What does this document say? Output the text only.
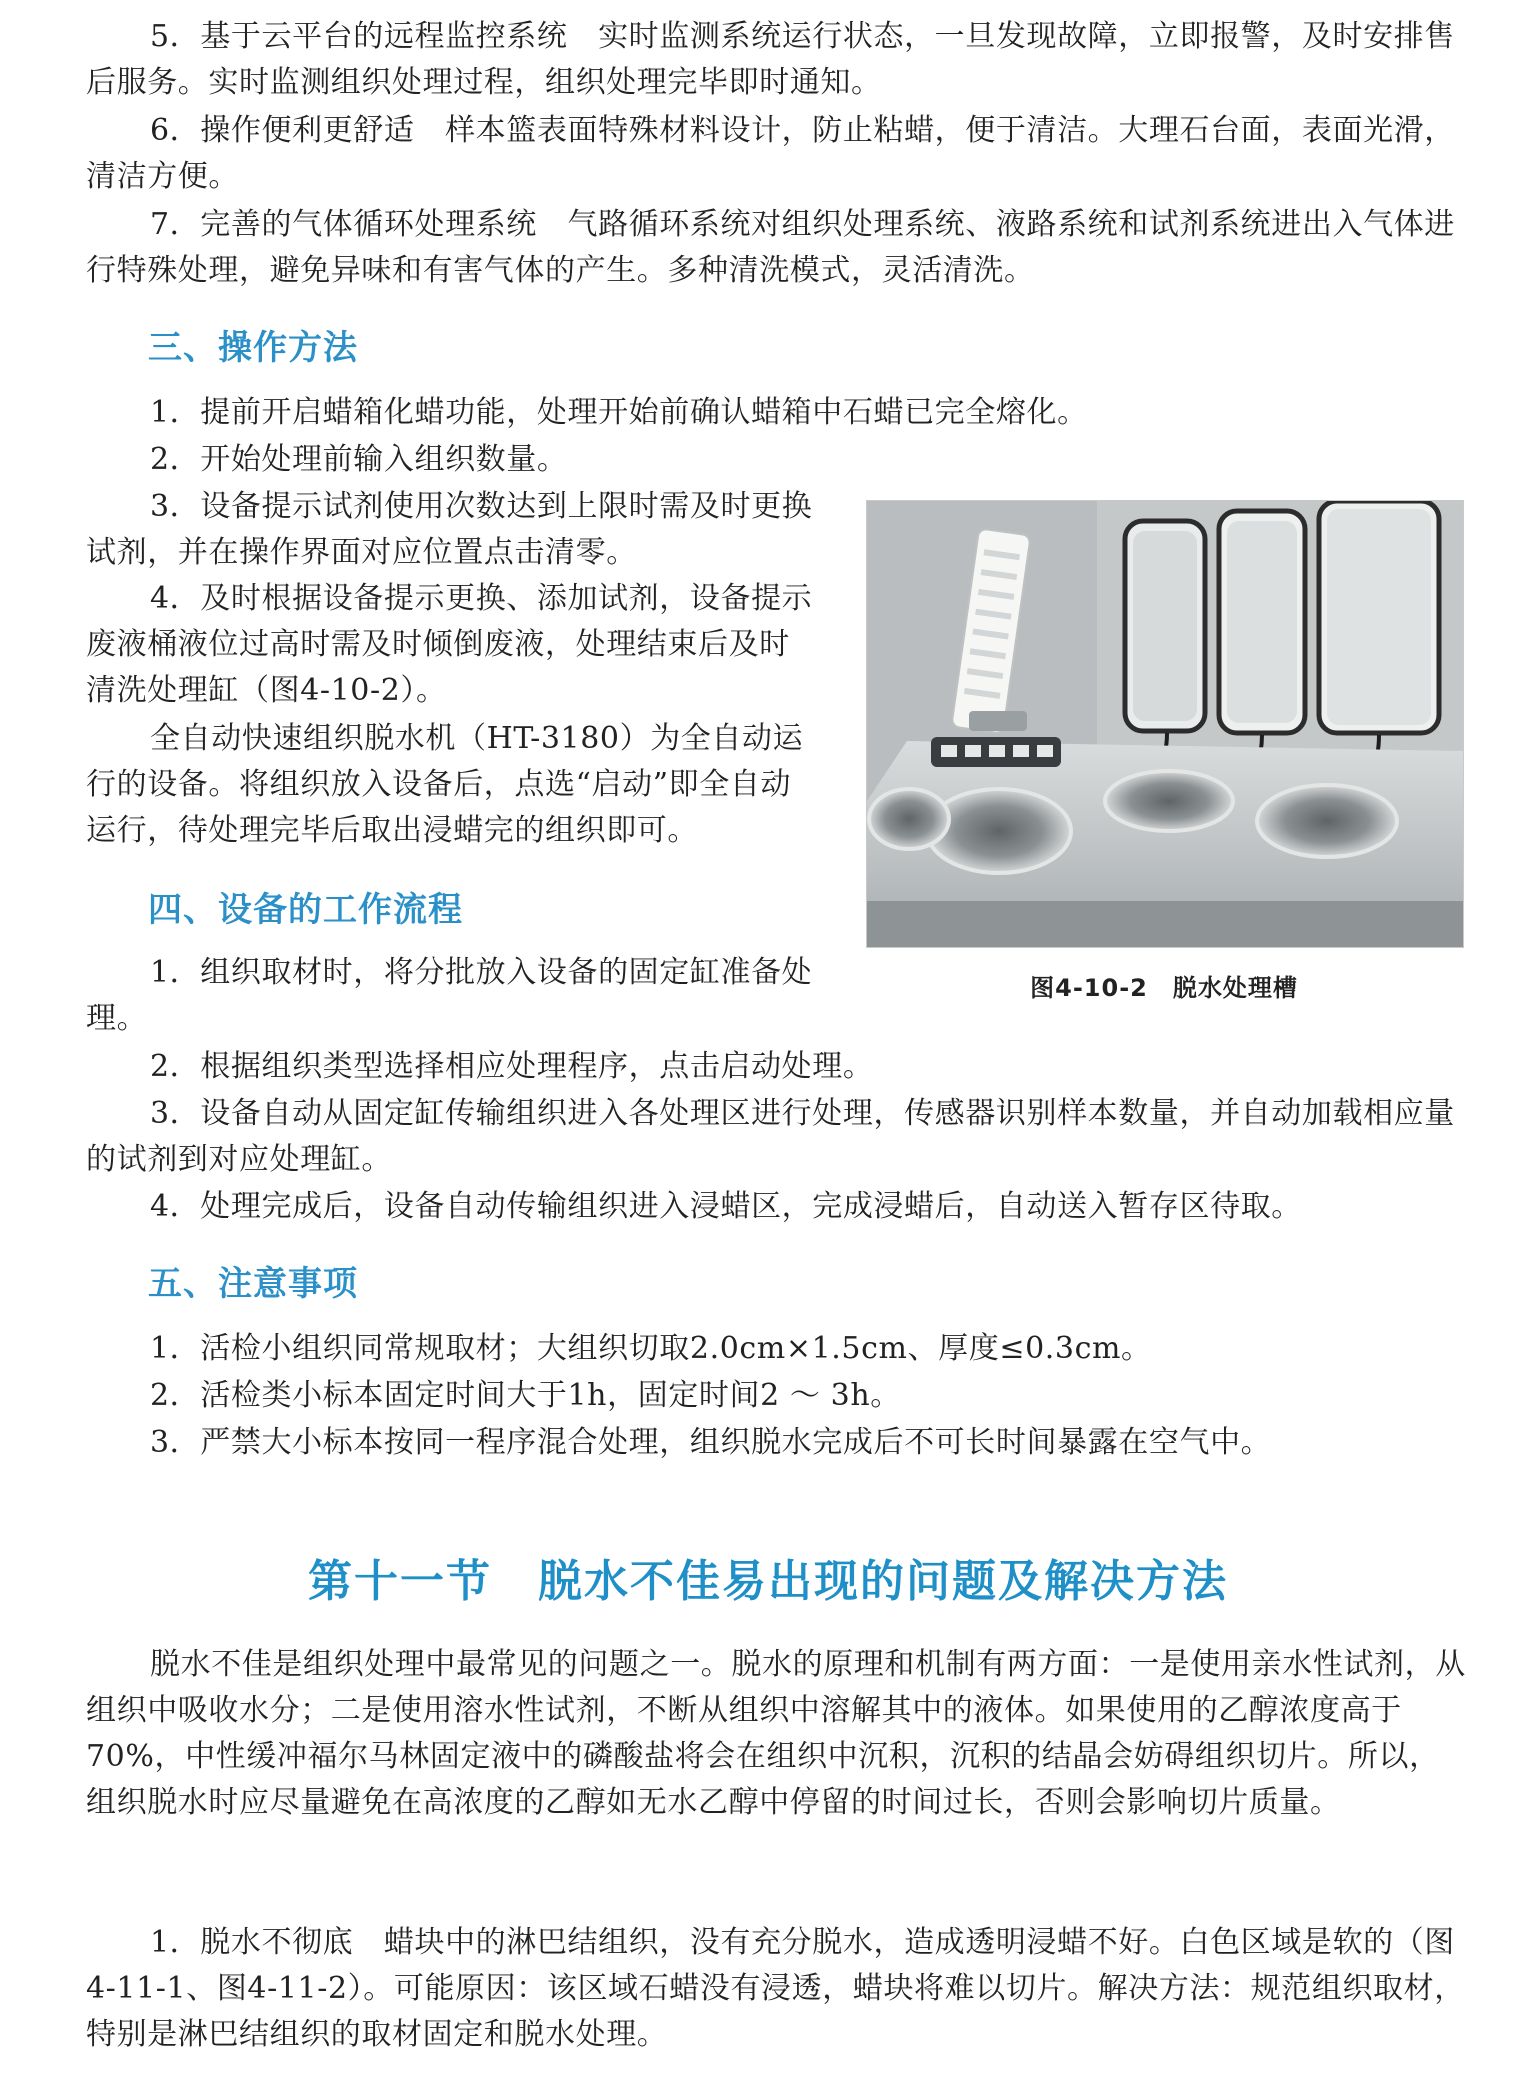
5．基于云平台的远程监控系统　实时监测系统运行状态，一旦发现故障，立即报警，及时安排售后服务。实时监测组织处理过程，组织处理完毕即时通知。

6．操作便利更舒适　样本篮表面特殊材料设计，防止粘蜡，便于清洁。大理石台面，表面光滑，清洁方便。

7．完善的气体循环处理系统　气路循环系统对组织处理系统、液路系统和试剂系统进出入气体进行特殊处理，避免异味和有害气体的产生。多种清洗模式，灵活清洗。

三、操作方法

1．提前开启蜡箱化蜡功能，处理开始前确认蜡箱中石蜡已完全熔化。

2．开始处理前输入组织数量。

3．设备提示试剂使用次数达到上限时需及时更换试剂，并在操作界面对应位置点击清零。

4．及时根据设备提示更换、添加试剂，设备提示废液桶液位过高时需及时倾倒废液，处理结束后及时清洗处理缸（图4-10-2）。

全自动快速组织脱水机（HT-3180）为全自动运行的设备。将组织放入设备后，点选“启动”即全自动运行，待处理完毕后取出浸蜡完的组织即可。

四、设备的工作流程

1．组织取材时，将分批放入设备的固定缸准备处理。

2．根据组织类型选择相应处理程序，点击启动处理。

3．设备自动从固定缸传输组织进入各处理区进行处理，传感器识别样本数量，并自动加载相应量的试剂到对应处理缸。

4．处理完成后，设备自动传输组织进入浸蜡区，完成浸蜡后，自动送入暂存区待取。

五、注意事项

1．活检小组织同常规取材；大组织切取2.0cm×1.5cm、厚度≤0.3cm。

2．活检类小标本固定时间大于1h，固定时间2 ～ 3h。

3．严禁大小标本按同一程序混合处理，组织脱水完成后不可长时间暴露在空气中。

图4-10-2　脱水处理槽

第十一节　脱水不佳易出现的问题及解决方法

脱水不佳是组织处理中最常见的问题之一。脱水的原理和机制有两方面：一是使用亲水性试剂，从组织中吸收水分；二是使用溶水性试剂，不断从组织中溶解其中的液体。如果使用的乙醇浓度高于70%，中性缓冲福尔马林固定液中的磷酸盐将会在组织中沉积，沉积的结晶会妨碍组织切片。所以，组织脱水时应尽量避免在高浓度的乙醇如无水乙醇中停留的时间过长，否则会影响切片质量。

1．脱水不彻底　蜡块中的淋巴结组织，没有充分脱水，造成透明浸蜡不好。白色区域是软的（图4-11-1、图4-11-2）。可能原因：该区域石蜡没有浸透，蜡块将难以切片。解决方法：规范组织取材，特别是淋巴结组织的取材固定和脱水处理。
